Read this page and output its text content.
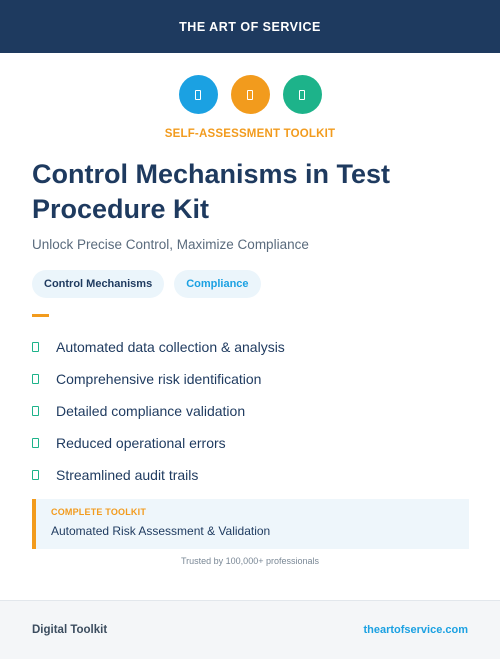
THE ART OF SERVICE
SELF-ASSESSMENT TOOLKIT
Control Mechanisms in Test Procedure Kit
Unlock Precise Control, Maximize Compliance
Control Mechanisms	Compliance
Automated data collection & analysis
Comprehensive risk identification
Detailed compliance validation
Reduced operational errors
Streamlined audit trails
COMPLETE TOOLKIT
Automated Risk Assessment & Validation
Trusted by 100,000+ professionals
Digital Toolkit	theartofservice.com
